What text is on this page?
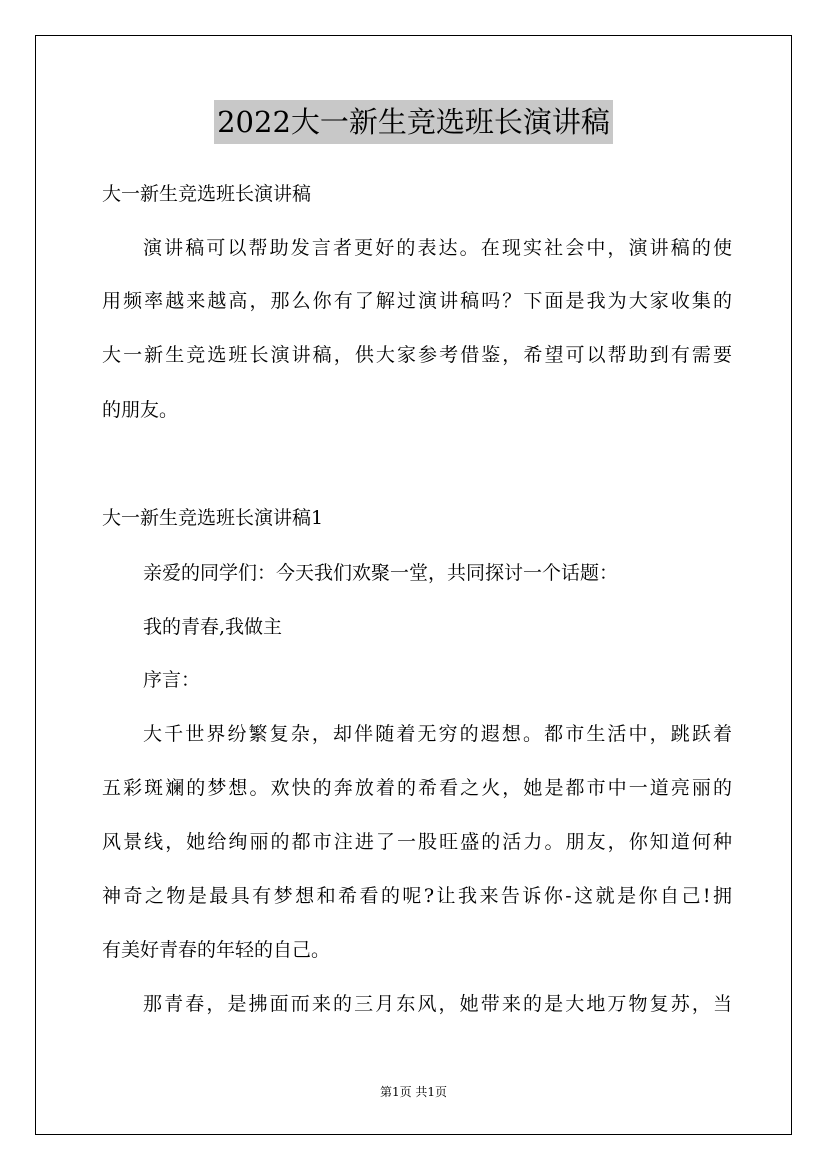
2022大一新生竞选班长演讲稿
大一新生竞选班长演讲稿
演讲稿可以帮助发言者更好的表达。在现实社会中，演讲稿的使
用频率越来越高，那么你有了解过演讲稿吗？下面是我为大家收集的
大一新生竞选班长演讲稿，供大家参考借鉴，希望可以帮助到有需要
的朋友。
大一新生竞选班长演讲稿1
亲爱的同学们：今天我们欢聚一堂，共同探讨一个话题：
我的青春,我做主
序言：
大千世界纷繁复杂，却伴随着无穷的遐想。都市生活中，跳跃着
五彩斑斓的梦想。欢快的奔放着的希看之火，她是都市中一道亮丽的
风景线，她给绚丽的都市注进了一股旺盛的活力。朋友，你知道何种
神奇之物是最具有梦想和希看的呢?让我来告诉你-这就是你自己!拥
有美好青春的年轻的自己。
那青春，是拂面而来的三月东风，她带来的是大地万物复苏，当
第1页 共1页
